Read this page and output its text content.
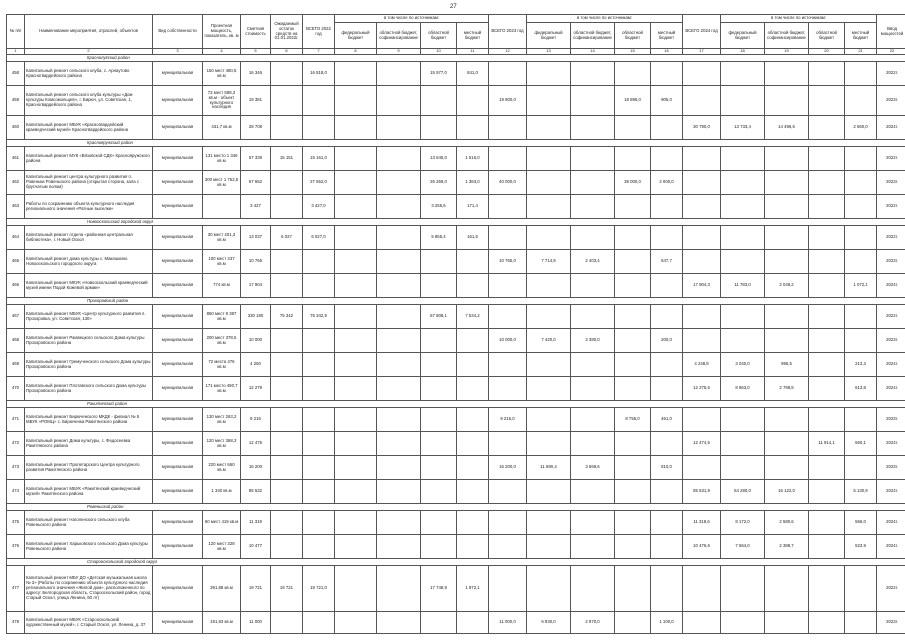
27
№ п/п	Наименование мероприятия, отраслей, объектов	Вид собственности	Проектная мощность, показатель, кв. м	Сметная стоимость	Ожидаемый остаток средств на 01.01.2022г.	ВСЕГО 2022 год	в том числе по источникам:				ВСЕГО 2023 год	в том числе по источникам:				ВСЕГО 2024 год	в том числе по источникам:				Ввод мощностей
							федеральный бюджет	областной бюджет, софинансирование	областной бюджет	местный бюджет		федеральный бюджет	областной бюджет, софинансирование	областной бюджет	местный бюджет		федеральный бюджет	областной бюджет, софинансирование	областной бюджет	местный бюджет	
1	2	3	4	5	6	7	8	9	10	11	12	13	14	15	16	17	18	19	20	21	22
Краснолугский район																					
458	Капитальный ремонт сельского клуба, с. Арнаутово Красногвардейского района	муниципальная	150 мест 480,5 кв.м	16 346		16 818,0			15 977,0	841,0											2022г.
459	Капитальный ремонт сельского клуба культуры «Дом культуры Комсомольцев», г. Бирюч, ул. Советская, 1, Красногвардейского района	муниципальная	73 мест 588,3 кв.м - объект культурного наследия	19 381							19 800,0			18 896,0	905,0						2023г.
460	Капитальный ремонт МБУК «Красногвардейский краеведческий музей» Красногвардейского района	муниципальная	431,7 кв.м	28 708												30 790,0	13 733,4	14 496,6		2 560,0	2024г.
Краснояружский район																					
461	Капитальный ремонт МУК «Вязовской СДК» Краснояружского района	муниципальная	131 место 1 346 кв.м	57 339	15 151	15 161,0			13 645,0	1 516,0											2022г.
462	Капитальный ремонт центра культурного развития п. Ровеньки Ровеньского района (открытая сторона, зала с брусчатым полом)	муниципальная	300 мест 1 752,5 кв.м	67 652		27 652,0			26 269,0	1 383,0	40 000,0			38 000,0	2 000,0						2023г.
463	Работы по сохранению объекта культурного наследия регионального значения «Ратные выселки»	муниципальная		3 427		3 427,0			3 255,6	171,4											2022г.
Новооскольский городской округ																					
464	Капитальный ремонт отдела «районная центральная библиотека», г. Новый Оскол	муниципальная	30 мест 401,3 кв.м	13 037	6 027	6 027,0			5 865,4	161,6											2022г.
465	Капитальный ремонт дома культуры с. Макешкино Новооскольского городского округа	муниципальная	100 мест 437 кв.м	10 765							10 765,0	7 714,9	2 403,4		647,7						2023г.
466	Капитальный ремонт МКУК «Новооскольский краеведческий музей имени Подой Кожевой армии»	муниципальная	774 кв.м	17 904												17 904,3	11 783,0	2 049,2		1 072,1	2024г.
Прохоровский район																					
467	Капитальный ремонт МБУК «Центр культурного развития п. Прохоровка, ул. Советская, 130»	муниципальная	850 мест 9 387 кв.м	330 180	75 342	75 342,9			67 808,1	7 534,2											2022г.
468	Капитальный ремонт Ржавецкого сельского Дома культуры Прохоровского района	муниципальная	200 мест 378,5 кв.м	10 000							10 000,0	7 420,0	2 380,0		200,0						2023г.
469	Капитальный ремонт Гремученского сельского Дома культуры Прохоровского района	муниципальная	72 места 476 кв.м	4 250												4 248,8	3 040,0	995,5		213,3	2024г.
470	Капитальный ремонт Плотавского сельского Дома культуры Прохоровского района	муниципальная	171 место 490,7 кв.м	12 279												12 275,6	8 863,0	2 798,8		613,8	2024г.
Ракитянский район																					
471	Капитальный ремонт Бирюченского МКДК - филиал № 5 МБУК «РОМЦ» с. Бирюченка Ракитянского района	муниципальная	130 мест 263,2 кв.м	9 216							9 216,0			8 755,0	461,0						2023г.
472	Капитальный ремонт Дома культуры, с. Федосеевка Ракитянского района	муниципальная	120 мест 368,3 кв.м	12 475												12 474,5			11 914,1	560,1	2024г.
473	Капитальный ремонт Пролетарского Центра культурного развития Ракитянского района	муниципальная	220 мест 660 кв.м	16 200							16 200,0	11 690,4	3 669,6		810,0						2023г.
474	Капитальный ремонт МБУК «Ракитянский краеведческий музей» Ракитянского района	муниципальная	1 340 кв.м	85 532												85 531,9	64 280,0	16 122,0		5 130,9	2024г.
Ровеньский район																					
475	Капитальный ремонт Наголенского сельского клуба Ровеньского района	муниципальная	60 мест 419 кв.м	11 319												11 318,6	8 172,0	2 580,6		566,0	2024г.
476	Капитальный ремонт Харьковского сельского Дома культуры Ровеньского района	муниципальная	120 мест 328 кв.м	10 477												10 476,6	7 564,0	2 388,7		523,9	2024г.
Старооскольский городской округ																					
477	Капитальный ремонт МБУ ДО «Детская музыкальная школа № 3» (Работы по сохранению объекта культурного наследия регионального значения «Жилой дом», расположенного по адресу: Белгородская область, Старооскольский район, город Старый Оскол, улица Ленина, 60 лт)	муниципальная	391,88 кв.м	19 721	19 721	19 721,0			17 748,9	1 972,1											2022г.
478	Капитальный ремонт МБУК «Старооскольский художественный музей», г. Старый Оскол, ул. Ленина, д. 37	муниципальная	191,93 кв.м	11 000							11 000,0	6 930,0	2 970,0		1 100,0						2023г.
